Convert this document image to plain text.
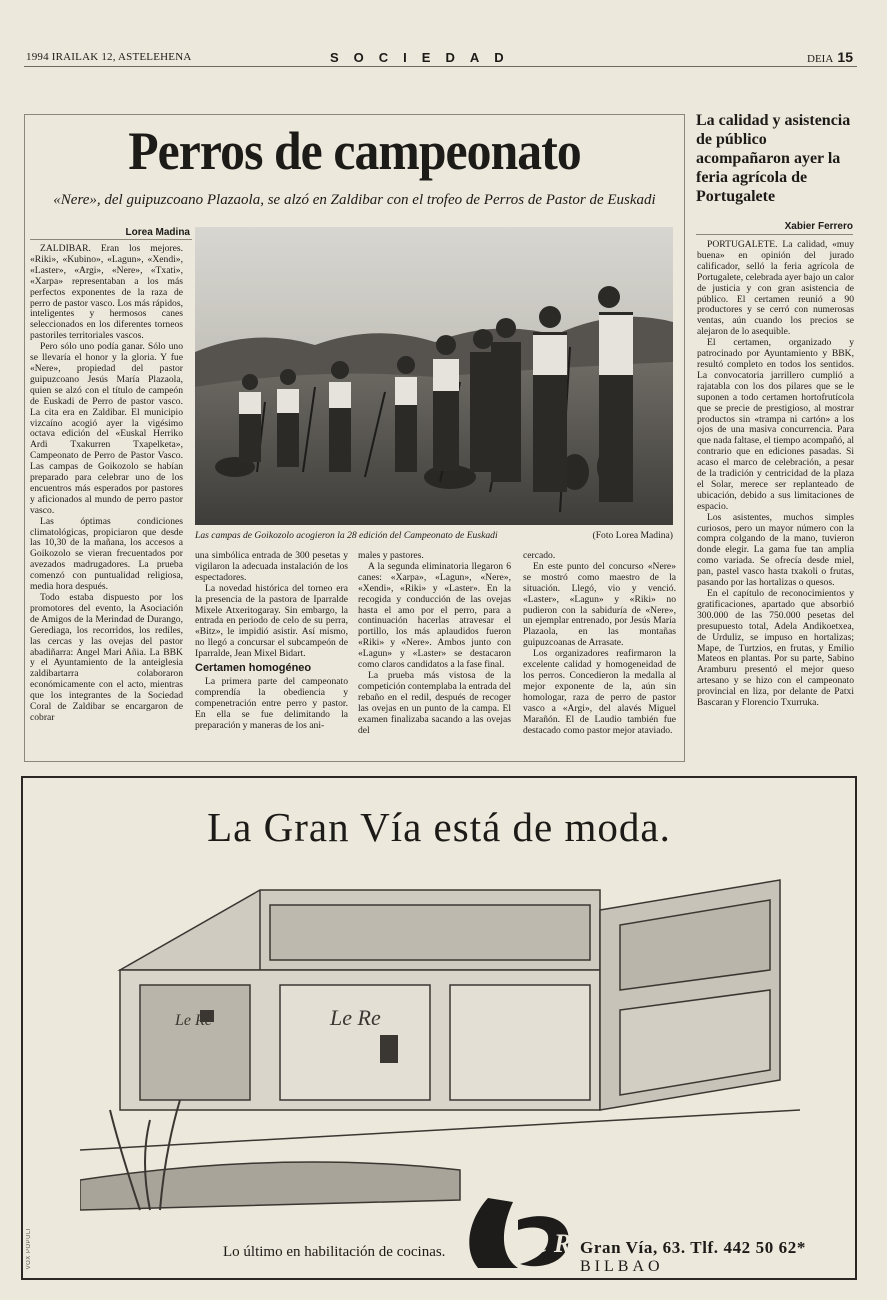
1994 IRAILAK 12, ASTELEHENA	SOCIEDAD	DEIA 15
Perros de campeonato
«Nere», del guipuzcoano Plazaola, se alzó en Zaldibar con el trofeo de Perros de Pastor de Euskadi
Lorea Madina

ZALDIBAR. Eran los mejores. «Riki», «Kubino», «Lagun», «Xendi», «Laster», «Argi», «Nere», «Txati», «Xarpa» representaban a los más perfectos exponentes de la raza de perro de pastor vasco. Los más rápidos, inteligentes y hermosos canes seleccionados en los diferentes torneos pastoriles territoriales vascos.

Pero sólo uno podía ganar. Sólo uno se llevaría el honor y la gloria. Y fue «Nere», propiedad del pastor guipuzcoano Jesús María Plazaola, quien se alzó con el título de campeón de Euskadi de Perro de pastor vasco. La cita era en Zaldibar. El municipio vizcaíno acogió ayer la vigésimo octava edición del «Euskal Herriko Ardi Txakurren Txapelketa», Campeonato de Perro de Pastor Vasco. Las campas de Goikozolo se habían preparado para celebrar uno de los encuentros más esperados por pastores y aficionados al mundo de perro pastor vasco.

Las óptimas condiciones climatológicas, propiciaron que desde las 10,30 de la mañana, los accesos a Goikozolo se vieran frecuentados por avezados madrugadores. La prueba comenzó con puntualidad religiosa, media hora después.

Todo estaba dispuesto por los promotores del evento, la Asociación de Amigos de la Merindad de Durango, Gerediaga, los recorridos, los rediles, las cercas y las ovejas del pastor abadiñarra: Angel Mari Añia. La BBK y el Ayuntamiento de la anteiglesia zaldibartarra colaboraron económicamente con el acto, mientras que los integrantes de la Sociedad Coral de Zaldibar se encargaron de cobrar

Las campas de Goikozolo acogieron la 28 edición del Campeonato de Euskadi	(Foto Lorea Madina)

una simbólica entrada de 300 pesetas y vigilaron la adecuada instalación de los espectadores.

La novedad histórica del torneo era la presencia de la pastora de Iparralde Mixele Atxeritogaray. Sin embargo, la entrada en periodo de celo de su perra, «Bitz», le impidió asistir. Así mismo, no llegó a concursar el subcampeón de Iparralde, Jean Mixel Bidart.

Certamen homogéneo

La primera parte del campeonato comprendía la obediencia y compenetración entre perro y pastor. En ella se fue delimitando la preparación y maneras de los ani-

males y pastores.

A la segunda eliminatoria llegaron 6 canes: «Xarpa», «Lagun», «Nere», «Xendi», «Riki» y «Laster». En la recogida y conducción de las ovejas hasta el amo por el perro, para a continuación hacerlas atravesar el portillo, los más aplaudidos fueron «Riki» y «Nere». Ambos junto con «Lagun» y «Laster» se destacaron como claros candidatos a la fase final.

La prueba más vistosa de la competición contemplaba la entrada del rebaño en el redil, después de recoger las ovejas en un punto de la campa. El examen finalizaba sacando a las ovejas del

cercado.

En este punto del concurso «Nere» se mostró como maestro de la situación. Llegó, vio y venció. «Laster», «Lagun» y «Riki» no pudieron con la sabiduría de «Nere», un ejemplar entrenado, por Jesús María Plazaola, en las montañas guipuzcoanas de Arrasate.

Los organizadores reafirmaron la excelente calidad y homogeneidad de los perros. Concedieron la medalla al mejor exponente de la, aún sin homologar, raza de perro de pastor vasco a «Argi», del alavés Miguel Marañón. El de Laudio también fue destacado como pastor mejor ataviado.

La calidad y asistencia de público acompañaron ayer la feria agrícola de Portugalete
Xabier Ferrero

PORTUGALETE. La calidad, «muy buena» en opinión del jurado calificador, selló la feria agrícola de Portugalete, celebrada ayer bajo un calor de justicia y con gran asistencia de público. El certamen reunió a 90 productores y se cerró con numerosas ventas, aún cuando los precios se alejaron de lo asequible.

El certamen, organizado y patrocinado por Ayuntamiento y BBK, resultó completo en todos los sentidos. La convocatoria jarrillero cumplió a rajatabla con los dos pilares que se le suponen a todo certamen hortofrutícola que se precie de prestigioso, al mostrar productos sin «trampa ni cartón» a los ojos de una masiva concurrencia. Para que nada faltase, el tiempo acompañó, al contrario que en ediciones pasadas. Si acaso el marco de celebración, a pesar de la tradición y centricidad de la plaza el Solar, merece ser replanteado de ubicación, debido a sus limitaciones de espacio.

Los asistentes, muchos simples curiosos, pero un mayor número con la compra colgando de la mano, tuvieron donde elegir. La gama fue tan amplia como variada. Se ofrecía desde miel, pan, pastel vasco hasta txakoli o frutas, pasando por las hortalizas o quesos.

En el capítulo de reconocimientos y gratificaciones, apartado que absorbió 300.000 de las 750.000 pesetas del presupuesto total, Adela Andikoetxea, de Urduliz, se impuso en hortalizas; Mape, de Turtzios, en frutas, y Emilio Mateos en plantas. Por su parte, Sabino Aramburu presentó el mejor queso artesano y se hizo con el campeonato provincial en liza, por delante de Patxi Bascaran y Florencio Txurruka.

La Gran Vía está de moda.
Le Re
Le Re
Lo último en habilitación de cocinas.	Le Re
Gran Vía, 63. Tlf. 442 50 62*
BILBAO
VOX POPULI
